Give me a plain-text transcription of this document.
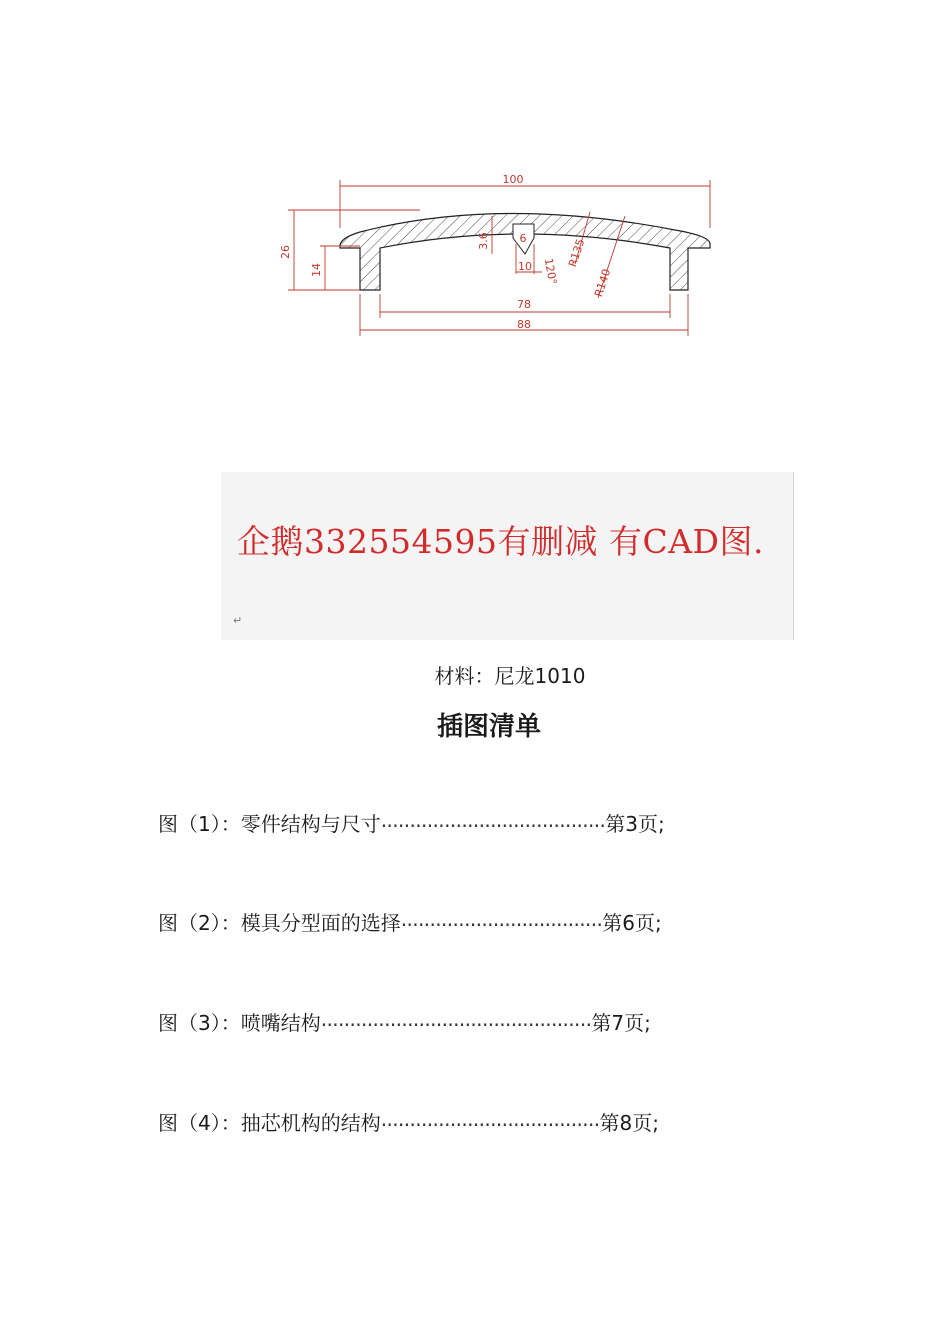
100
26
14
3.6	6
10 120°
R135
R140
78
88
企鹅332554595有删减 有CAD图.
↵
材料：尼龙1010
插图清单
图（1）： 零件结构与尺寸 ....................................... 第3页;
图（2）： 模具分型面的选择 ................................... 第6页;
图（3）： 喷嘴结构 ............................................... 第7页;
图（4）： 抽芯机构的结构 ...................................... 第8页;
